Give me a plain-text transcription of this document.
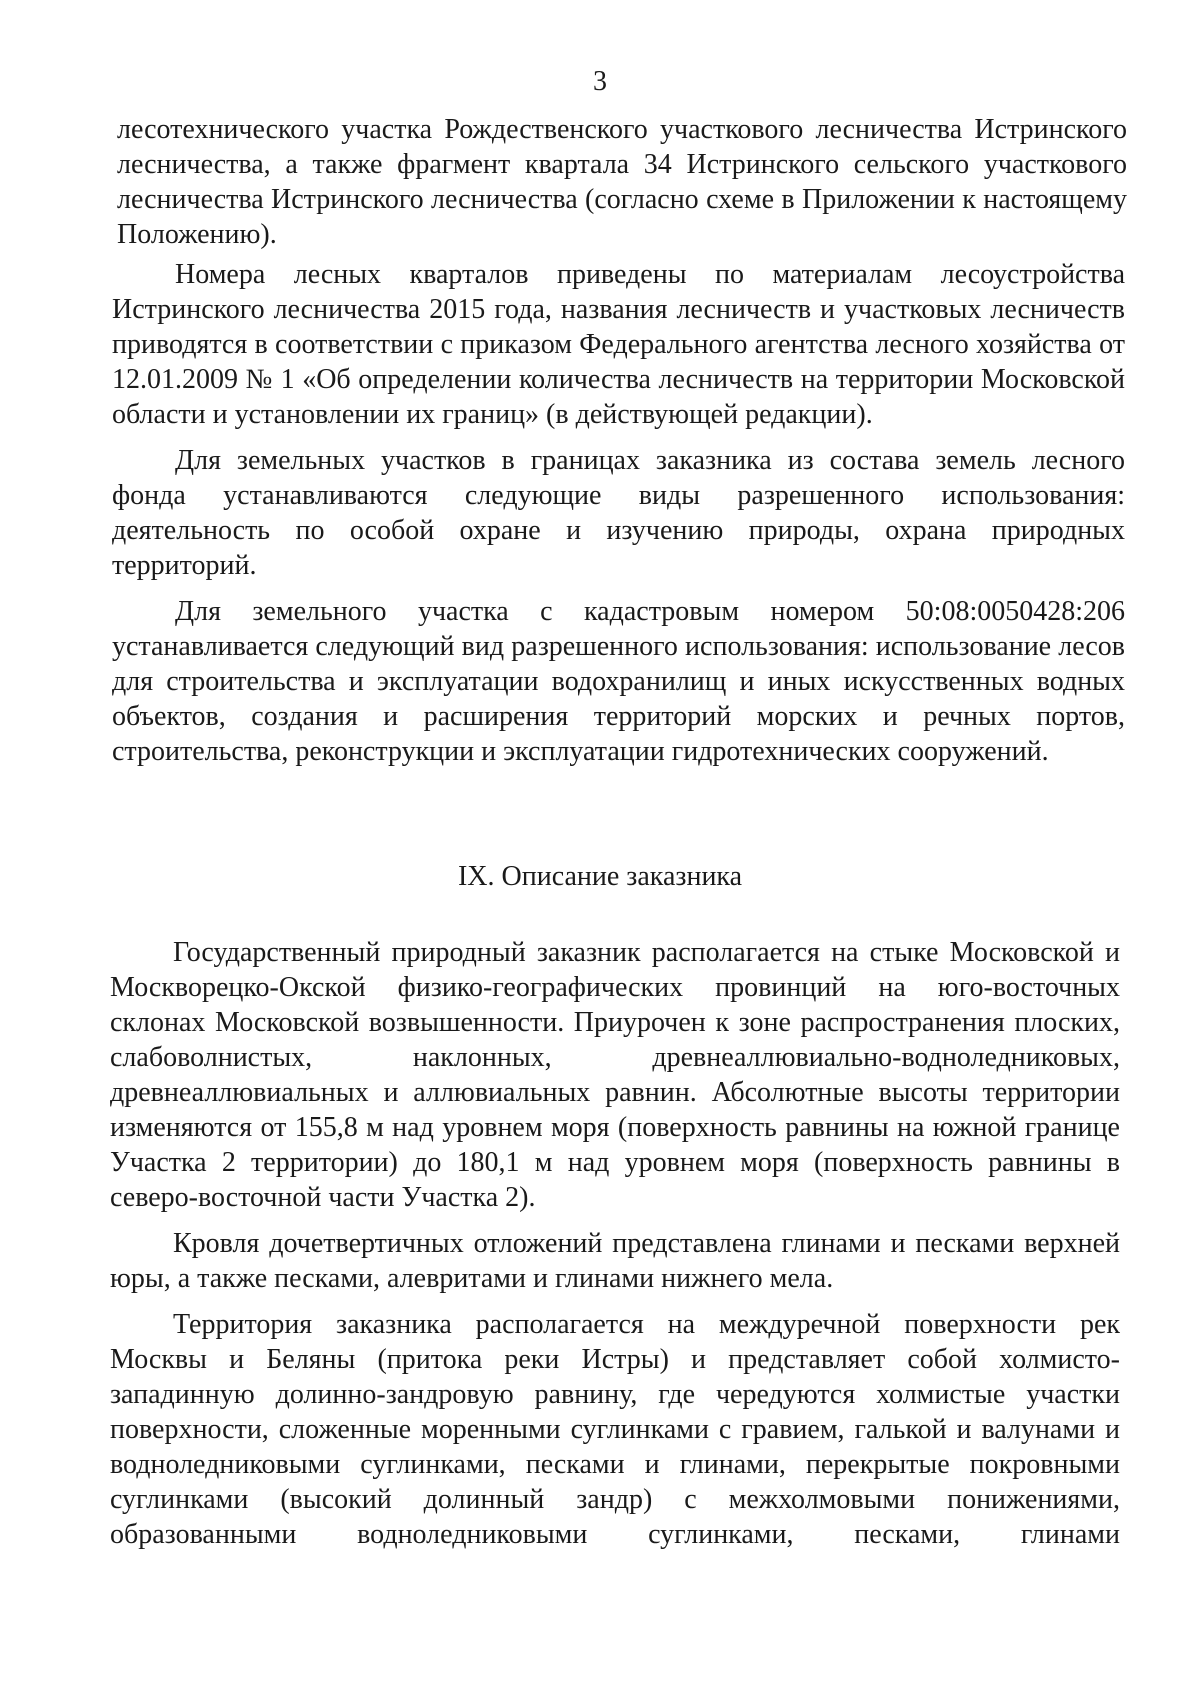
3

лесотехнического участка Рождественского участкового лесничества Истринского лесничества, а также фрагмент квартала 34 Истринского сельского участкового лесничества Истринского лесничества (согласно схеме в Приложении к настоящему Положению).

Номера лесных кварталов приведены по материалам лесоустройства Истринского лесничества 2015 года, названия лесничеств и участковых лесничеств приводятся в соответствии с приказом Федерального агентства лесного хозяйства от 12.01.2009 № 1 «Об определении количества лесничеств на территории Московской области и установлении их границ» (в действующей редакции).

Для земельных участков в границах заказника из состава земель лесного фонда устанавливаются следующие виды разрешенного использования: деятельность по особой охране и изучению природы, охрана природных территорий.

Для земельного участка с кадастровым номером 50:08:0050428:206 устанавливается следующий вид разрешенного использования: использование лесов для строительства и эксплуатации водохранилищ и иных искусственных водных объектов, создания и расширения территорий морских и речных портов, строительства, реконструкции и эксплуатации гидротехнических сооружений.

IX. Описание заказника

Государственный природный заказник располагается на стыке Московской и Москворецко-Окской физико-географических провинций на юго-восточных склонах Московской возвышенности. Приурочен к зоне распространения плоских, слабоволнистых, наклонных, древнеаллювиально-водноледниковых, древнеаллювиальных и аллювиальных равнин. Абсолютные высоты территории изменяются от 155,8 м над уровнем моря (поверхность равнины на южной границе Участка 2 территории) до 180,1 м над уровнем моря (поверхность равнины в северо-восточной части Участка 2).

Кровля дочетвертичных отложений представлена глинами и песками верхней юры, а также песками, алевритами и глинами нижнего мела.

Территория заказника располагается на междуречной поверхности рек Москвы и Беляны (притока реки Истры) и представляет собой холмисто-западинную долинно-зандровую равнину, где чередуются холмистые участки поверхности, сложенные моренными суглинками с гравием, галькой и валунами и водноледниковыми суглинками, песками и глинами, перекрытые покровными суглинками (высокий долинный зандр) с межхолмовыми понижениями, образованными водноледниковыми суглинками, песками, глинами
